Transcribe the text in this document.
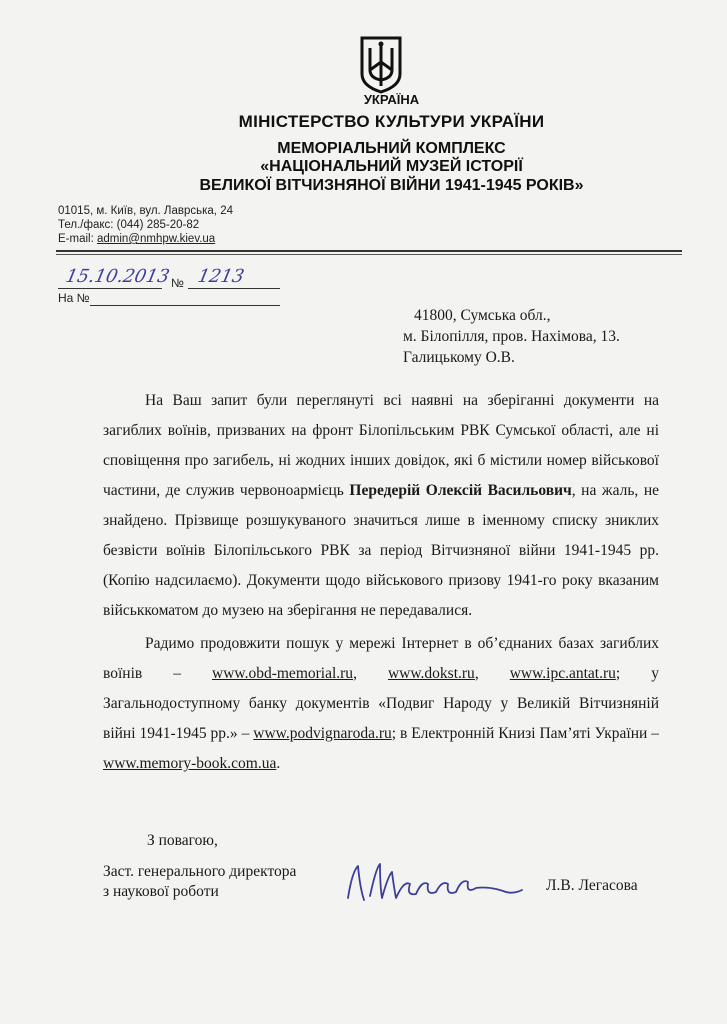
УКРАЇНА
МІНІСТЕРСТВО КУЛЬТУРИ УКРАЇНИ
МЕМОРІАЛЬНИЙ КОМПЛЕКС
«НАЦІОНАЛЬНИЙ МУЗЕЙ ІСТОРІЇ
ВЕЛИКОЇ ВІТЧИЗНЯНОЇ ВІЙНИ 1941-1945 РОКІВ»
01015, м. Київ, вул. Лаврська, 24
Тел./факс: (044) 285-20-82
E-mail: admin@nmhpw.kiev.ua
15.10.2013 № 1213
На №
41800, Сумська обл.,
м. Білопілля, пров. Нахімова, 13.
Галицькому О.В.

На Ваш запит були переглянуті всі наявні на зберіганні документи на загиблих воїнів, призваних на фронт Білопільським РВК Сумської області, але ні сповіщення про загибель, ні жодних інших довідок, які б містили номер військової частини, де служив червоноармієць Передерій Олексій Васильович, на жаль, не знайдено. Прізвище розшукуваного значиться лише в іменному списку зниклих безвісти воїнів Білопільського РВК за період Вітчизняної війни 1941-1945 рр. (Копію надсилаємо). Документи щодо військового призову 1941-го року вказаним військкоматом до музею на зберігання не передавалися.

Радимо продовжити пошук у мережі Інтернет в об’єднаних базах загиблих воїнів – www.obd-memorial.ru, www.dokst.ru, www.ipc.antat.ru; у Загальнодоступному банку документів «Подвиг Народу у Великій Вітчизняній війні 1941-1945 рр.» – www.podvignaroda.ru; в Електронній Книзі Пам’яті України – www.memory-book.com.ua.

З повагою,
Заст. генерального директора
з наукової роботи	Л.В. Легасова
